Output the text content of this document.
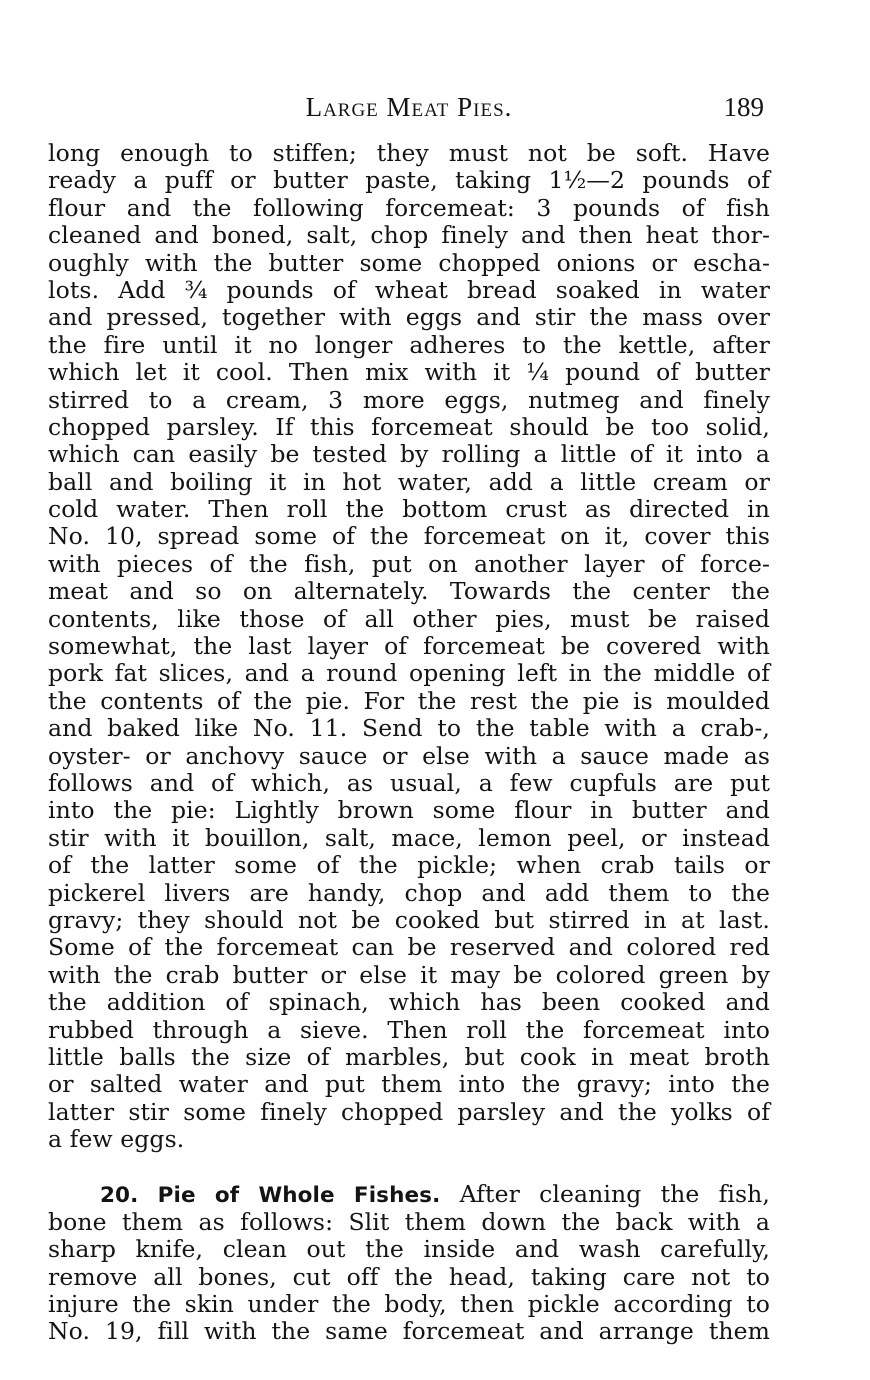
Large Meat Pies.	189
long enough to stiffen; they must not be soft. Have
ready a puff or butter paste, taking 1½—2 pounds of
flour and the following forcemeat: 3 pounds of fish
cleaned and boned, salt, chop finely and then heat thor-
oughly with the butter some chopped onions or escha-
lots. Add ¾ pounds of wheat bread soaked in water
and pressed, together with eggs and stir the mass over
the fire until it no longer adheres to the kettle, after
which let it cool. Then mix with it ¼ pound of butter
stirred to a cream, 3 more eggs, nutmeg and finely
chopped parsley. If this forcemeat should be too solid,
which can easily be tested by rolling a little of it into a
ball and boiling it in hot water, add a little cream or
cold water. Then roll the bottom crust as directed in
No. 10, spread some of the forcemeat on it, cover this
with pieces of the fish, put on another layer of force-
meat and so on alternately. Towards the center the
contents, like those of all other pies, must be raised
somewhat, the last layer of forcemeat be covered with
pork fat slices, and a round opening left in the middle of
the contents of the pie. For the rest the pie is moulded
and baked like No. 11. Send to the table with a crab-,
oyster- or anchovy sauce or else with a sauce made as
follows and of which, as usual, a few cupfuls are put
into the pie: Lightly brown some flour in butter and
stir with it bouillon, salt, mace, lemon peel, or instead
of the latter some of the pickle; when crab tails or
pickerel livers are handy, chop and add them to the
gravy; they should not be cooked but stirred in at last.
Some of the forcemeat can be reserved and colored red
with the crab butter or else it may be colored green by
the addition of spinach, which has been cooked and
rubbed through a sieve. Then roll the forcemeat into
little balls the size of marbles, but cook in meat broth
or salted water and put them into the gravy; into the
latter stir some finely chopped parsley and the yolks of
a few eggs.
20. Pie of Whole Fishes. After cleaning the fish,
bone them as follows: Slit them down the back with a
sharp knife, clean out the inside and wash carefully,
remove all bones, cut off the head, taking care not to
injure the skin under the body, then pickle according to
No. 19, fill with the same forcemeat and arrange them
